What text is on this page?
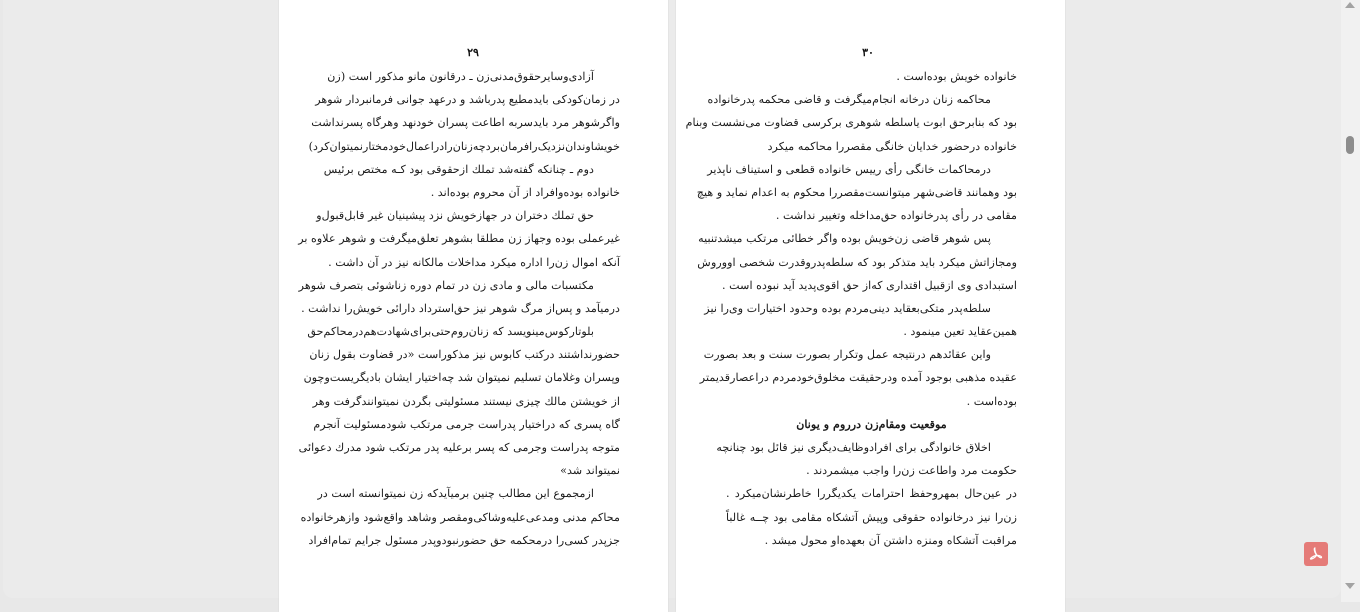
۲۹
آزادی‌وسایرحقوق‌مدنی‌زن ـ درقانون مانو مذکور است (زن
در زمان‌کودکی باید‌مطیع پدرباشد و درعهد جوانی فرمانبردار شوهر
واگرشوهر مرد بایدسربه اطاعت پسران خودنهد وهرگاه پسرنداشت
خویشاوندان‌نزدیک‌را‌فرمان‌بردچه‌زنان‌را‌در‌اعمال‌خودمختار‌نمیتوان‌کرد)
دوم ـ چنانکه گفته‌شد تملك ازحقوقی بود كـه مختص برئیس
خانواده بوده‌وافراد از آن محروم بوده‌اند .
حق تملك دختران در جهازخویش نزد پیشینیان غیر قابل‌قبول‌و
غیرعملی بوده وجهاز زن مطلقا بشوهر تعلق‌میگرفت و شوهر علاوه بر
آنکه اموال زن‌را اداره میکرد مداخلات مالکانه نیز در آن داشت .
مکتسبات مالی و مادی زن در تمام دوره زناشوئی بتصرف شوهر
درمیآمد و پس‌از مرگ شوهر نیز حق‌استرداد دارائی خویش‌را نداشت .
بلوتارکوس‌مینویسد که زنان‌روم‌حتی‌برای‌شهادت‌هم‌درمحاکم‌حق
حضورنداشتند در‌کتب کابوس نیز مذکوراست «در قضاوت بقول زنان
و‌پسران و‌غلامان تسلیم نمیتوان شد چه‌اختیار ایشان بادیگر‌یست‌وچون
از خویشتن مالك چیزی نیستند مسئولیتی بگردن نمیتوانندگرفت وهر
گاه پسری که دراختیار پدراست جرمی مرتکب شود‌مسئولیت آنجرم
متوجه پدراست وجرمی که پسر برعلیه پدر مرتکب شود مدرك دعوائی
نمیتواند شد»
ازمجموع این مطالب چنین برمیآید‌که زن نمیتوانسته است در
محاکم مدنی ومدعی‌علیه‌وشاکی‌ومقصر وشاهد واقع‌شود وازهرخانواده
جزپدر کسی‌را درمحکمه حق حضورنبود‌وپدر مسئول جرایم تمام‌افراد
۳۰
خانواده خویش بوده‌است .
محاکمه زنان درخانه انجام‌میگرفت و قاضی محکمه پدرخانواده
بود که بنابرحق ابوت یاسلطه شوهری برکرسی قضاوت می‌نشست و‌بنام
خانواده درحضور خدایان خانگی مقصررا محاکمه میکرد
درمحاکمات خانگی رأی رییس خانواده قطعی و استیناف ناپذیر
بود وهمانند قاضی‌شهر میتوانست‌مقصررا محکوم به اعدام نماید و هیچ
مقامی در رأی پدرخانواده حق‌مداخله وتغییر نداشت .
پس شوهر قاضی زن‌خویش بوده واگر خطائی مرتکب میشدتنبیه
ومجازاتش میکرد باید متذکر بود که سلطه‌پدروقدرت شخصی اوو‌روش
استبدادی وی ازقبیل اقتداری که‌از حق اقوی‌پدید آید نبوده است .
سلطه‌پدر متکی‌بعقاید دینی‌مردم بوده وحدود اختیارات وی‌را نیز
همین‌عقاید تعین مینمود .
واین عقائدهم درنتیجه عمل وتکرار بصورت سنت و بعد بصورت
عقیده مذهبی بوجود آمده ودرحقیقت مخلوق‌خودمردم دراعصارقدیمتر
بوده‌است .
موقعیت ومقام‌زن درروم و یونان
اخلاق خانوادگی برای افراد‌وظایف‌دیگری نیز قائل بود چنانچه
حکومت مرد واطاعت زن‌را واجب میشمردند .
در عین‌حال بمهرو‌حفظ احترامات یکدیگررا خاطرنشان‌میکرد .
زن‌را نیز درخانواده حقوقی وپیش آتشکاه مقامی بود چــه غالباً
مراقبت آتشکاه ومنزه داشتن آن بعهده‌او محول میشد .
